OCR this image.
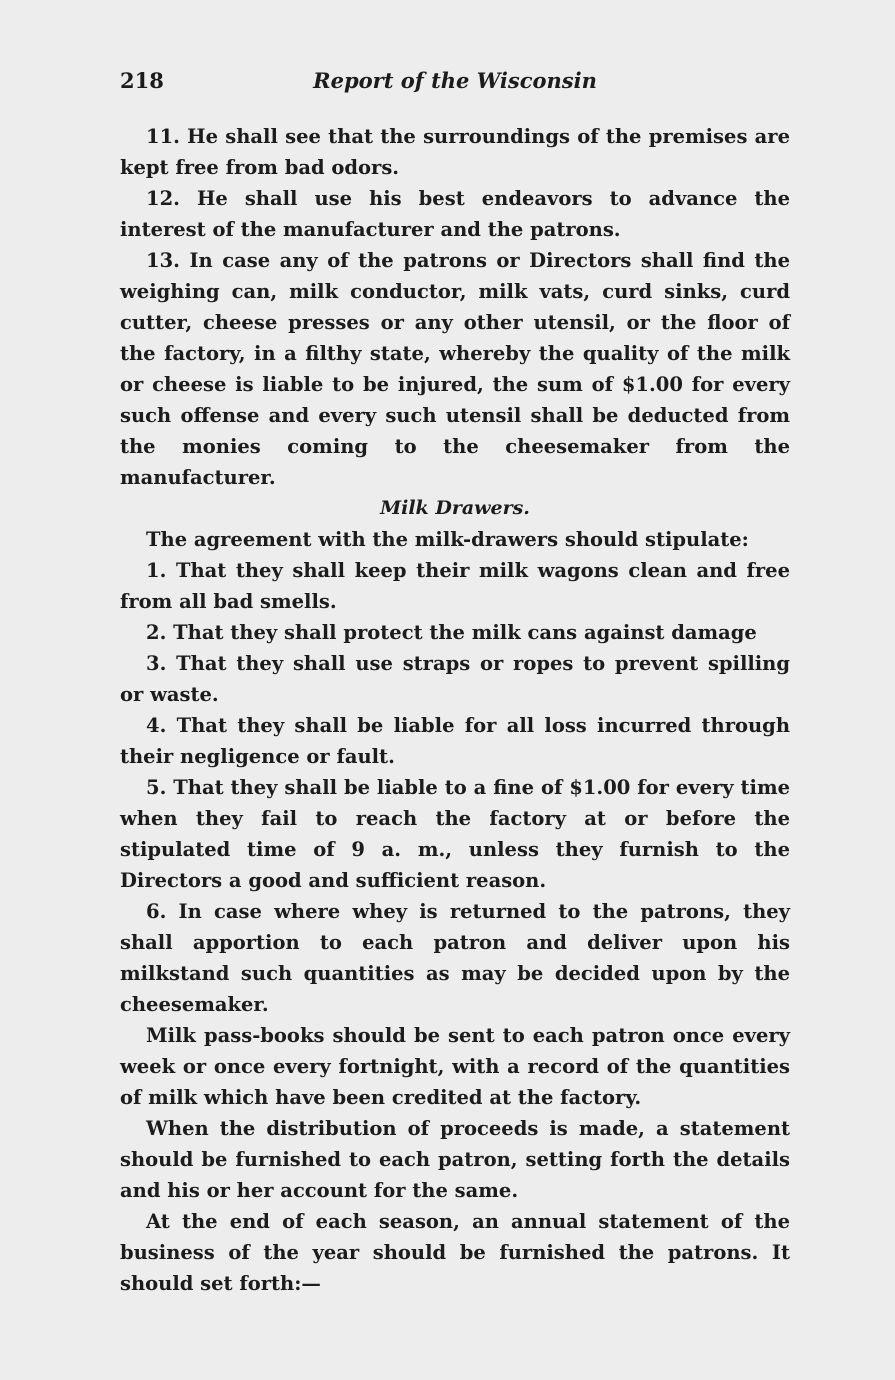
218	Report of the Wisconsin

11. He shall see that the surroundings of the premises are kept free from bad odors.

12. He shall use his best endeavors to advance the interest of the manufacturer and the patrons.

13. In case any of the patrons or Directors shall find the weighing can, milk conductor, milk vats, curd sinks, curd cutter, cheese presses or any other utensil, or the floor of the factory, in a filthy state, whereby the quality of the milk or cheese is liable to be injured, the sum of $1.00 for every such offense and every such utensil shall be deducted from the monies coming to the cheesemaker from the manufacturer.

Milk Drawers.

The agreement with the milk-drawers should stipulate:

1. That they shall keep their milk wagons clean and free from all bad smells.

2. That they shall protect the milk cans against damage

3. That they shall use straps or ropes to prevent spilling or waste.

4. That they shall be liable for all loss incurred through their negligence or fault.

5. That they shall be liable to a fine of $1.00 for every time when they fail to reach the factory at or before the stipulated time of 9 a. m., unless they furnish to the Directors a good and sufficient reason.

6. In case where whey is returned to the patrons, they shall apportion to each patron and deliver upon his milkstand such quantities as may be decided upon by the cheesemaker.

Milk pass-books should be sent to each patron once every week or once every fortnight, with a record of the quantities of milk which have been credited at the factory.

When the distribution of proceeds is made, a statement should be furnished to each patron, setting forth the details and his or her account for the same.

At the end of each season, an annual statement of the business of the year should be furnished the patrons. It should set forth:—
